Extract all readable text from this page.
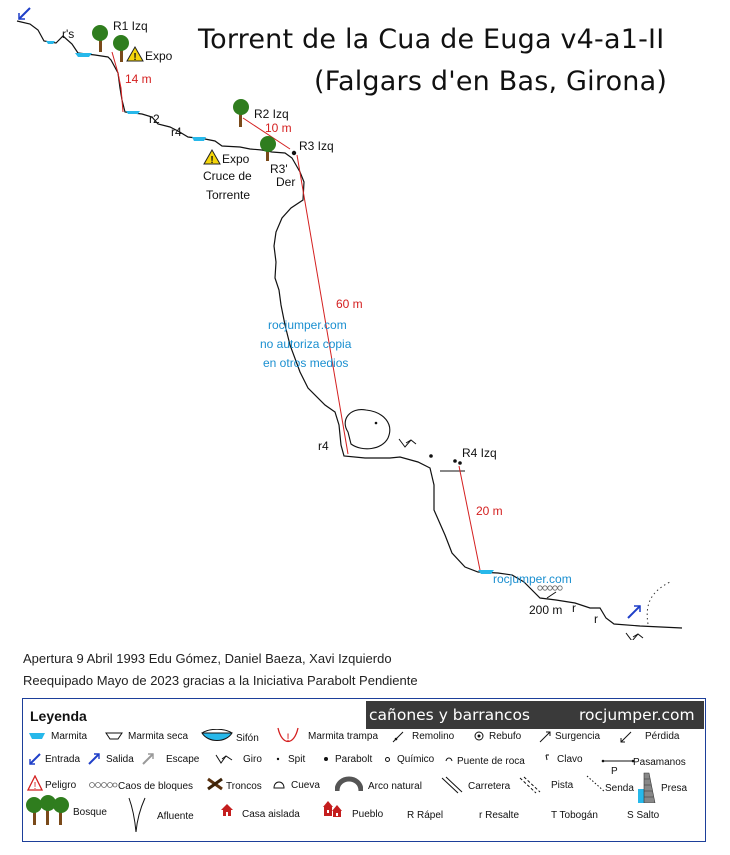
!
!
r's
R1 Izq
Expo
14 m
r2
r4
R2 Izq
10 m
R3 Izq
Expo
R3'
Cruce de Der
Torrente
60 m
rocjumper.com
no autoriza copia
en otros medios
r4	R4 Izq
20 m
rocjumper.com
200 m r
r
Torrent de la Cua de Euga v4-a1-II
(Falgars d'en Bas, Girona)
Apertura 9 Abril 1993 Edu Gómez, Daniel Baeza, Xavi Izquierdo
Reequipado Mayo de 2023 gracias a la Iniciativa Parabolt Pendiente
Leyenda	cañones y barrancos	rocjumper.com
Marmita	Marmita seca	Sifón	! Marmita trampa	Remolino	Rebufo	Surgencia	Pérdida
Entrada	Salida	Escape	Giro	Spit	Parabolt Químico Puente de roca	Clavo	Pasamanos
P
! Peligro	Caos de bloques	Troncos	Cueva	Arco natural	Carretera	Pista	Senda	Presa
Bosque	Afluente	Casa aislada	Pueblo R Rápel	r Resalte	T Tobogán	S Salto
